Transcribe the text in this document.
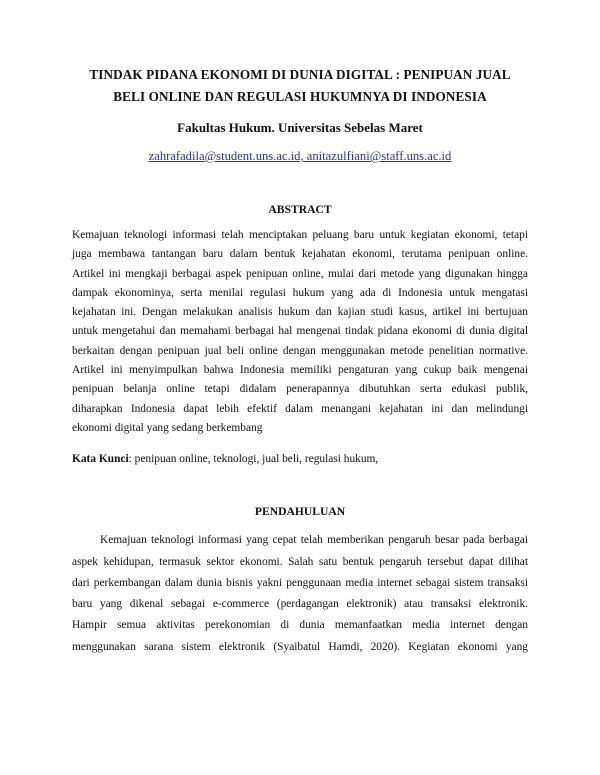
TINDAK PIDANA EKONOMI DI DUNIA DIGITAL : PENIPUAN JUAL
BELI ONLINE DAN REGULASI HUKUMNYA DI INDONESIA

Fakultas Hukum. Universitas Sebelas Maret

zahrafadila@student.uns.ac.id, anitazulfiani@staff.uns.ac.id

ABSTRACT
Kemajuan teknologi informasi telah menciptakan peluang baru untuk kegiatan ekonomi, tetapi
juga membawa tantangan baru dalam bentuk kejahatan ekonomi, terutama penipuan online.
Artikel ini mengkaji berbagai aspek penipuan online, mulai dari metode yang digunakan hingga
dampak ekonominya, serta menilai regulasi hukum yang ada di Indonesia untuk mengatasi
kejahatan ini. Dengan melakukan analisis hukum dan kajian studi kasus, artikel ini bertujuan
untuk mengetahui dan memahami berbagai hal mengenai tindak pidana ekonomi di dunia digital
berkaitan dengan penipuan jual beli online dengan menggunakan metode penelitian normative.
Artikel ini menyimpulkan bahwa Indonesia memiliki pengaturan yang cukup baik mengenai
penipuan belanja online tetapi didalam penerapannya dibutuhkan serta edukasi publik,
diharapkan Indonesia dapat lebih efektif dalam menangani kejahatan ini dan melindungi
ekonomi digital yang sedang berkembang

Kata Kunci: penipuan online, teknologi, jual beli, regulasi hukum,

PENDAHULUAN
Kemajuan teknologi informasi yang cepat telah memberikan pengaruh besar pada berbagai
aspek kehidupan, termasuk sektor ekonomi. Salah satu bentuk pengaruh tersebut dapat dilihat
dari perkembangan dalam dunia bisnis yakni penggunaan media internet sebagai sistem transaksi
baru yang dikenal sebagai e-commerce (perdagangan elektronik) atau transaksi elektronik.
Hampir semua aktivitas perekonomian di dunia memanfaatkan media internet dengan
menggunakan sarana sistem elektronik (Syaibatul Hamdi, 2020). Kegiatan ekonomi yang
